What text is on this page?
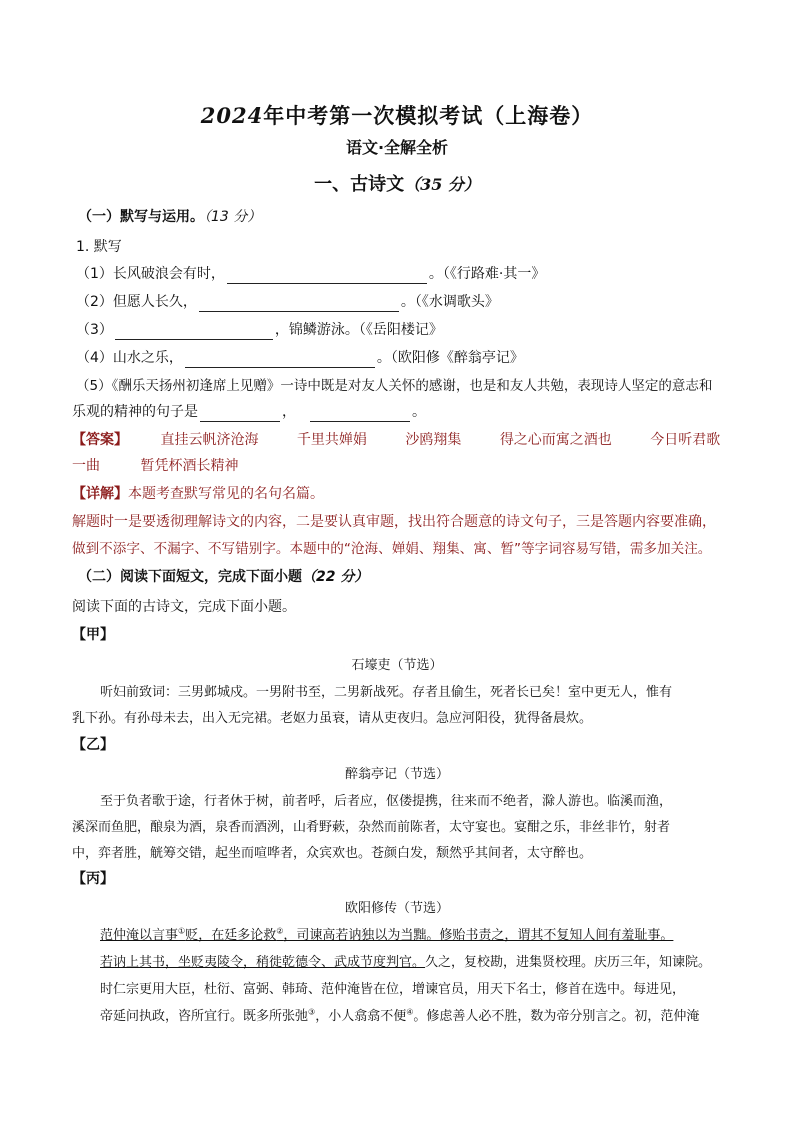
2024年中考第一次模拟考试（上海卷）
语文·全解全析
一、古诗文（35 分）
（一）默写与运用。（13 分）
1. 默写
（1）长风破浪会有时，	。（《行路难·其一》
（2）但愿人长久，	。（《水调歌头》
（3）	，锦鳞游泳。（《岳阳楼记》
（4）山水之乐，	。（欧阳修《醉翁亭记》
（5）《酬乐天扬州初逢席上见赠》一诗中既是对友人关怀的感谢，也是和友人共勉，表现诗人坚定的意志和
乐观的精神的句子是	，	。
【答案】 直挂云帆济沧海	千里共婵娟	沙鸥翔集	得之心而寓之酒也	今日听君歌
一曲	暂凭杯酒长精神
【详解】本题考查默写常见的名句名篇。
解题时一是要透彻理解诗文的内容，二是要认真审题，找出符合题意的诗文句子，三是答题内容要准确，
做到不添字、不漏字、不写错别字。本题中的“沧海、婵娟、翔集、寓、暂”等字词容易写错，需多加关注。
（二）阅读下面短文，完成下面小题（22 分）
阅读下面的古诗文，完成下面小题。
【甲】
石壕吏（节选）
听妇前致词：三男邺城戍。一男附书至，二男新战死。存者且偷生，死者长已矣！室中更无人，惟有
乳下孙。有孙母未去，出入无完裙。老妪力虽衰，请从吏夜归。急应河阳役，犹得备晨炊。
【乙】
醉翁亭记（节选）
至于负者歌于途，行者休于树，前者呼，后者应，伛偻提携，往来而不绝者，滁人游也。临溪而渔，
溪深而鱼肥，酿泉为酒，泉香而酒洌，山肴野蔌，杂然而前陈者，太守宴也。宴酣之乐，非丝非竹，射者
中，弈者胜，觥筹交错，起坐而喧哗者，众宾欢也。苍颜白发，颓然乎其间者，太守醉也。
【丙】
欧阳修传（节选）
范仲淹以言事①贬，在廷多论救②，司谏高若讷独以为当黜。修贻书责之，谓其不复知人间有羞耻事。
若讷上其书，坐贬夷陵令，稍徙乾德令、武成节度判官。久之，复校勘，进集贤校理。庆历三年，知谏院。
时仁宗更用大臣，杜衍、富弼、韩琦、范仲淹皆在位，增谏官员，用天下名士，修首在选中。每进见，
帝延问执政，咨所宜行。既多所张弛③，小人翕翕不便④。修虑善人必不胜，数为帝分别言之。初，范仲淹
